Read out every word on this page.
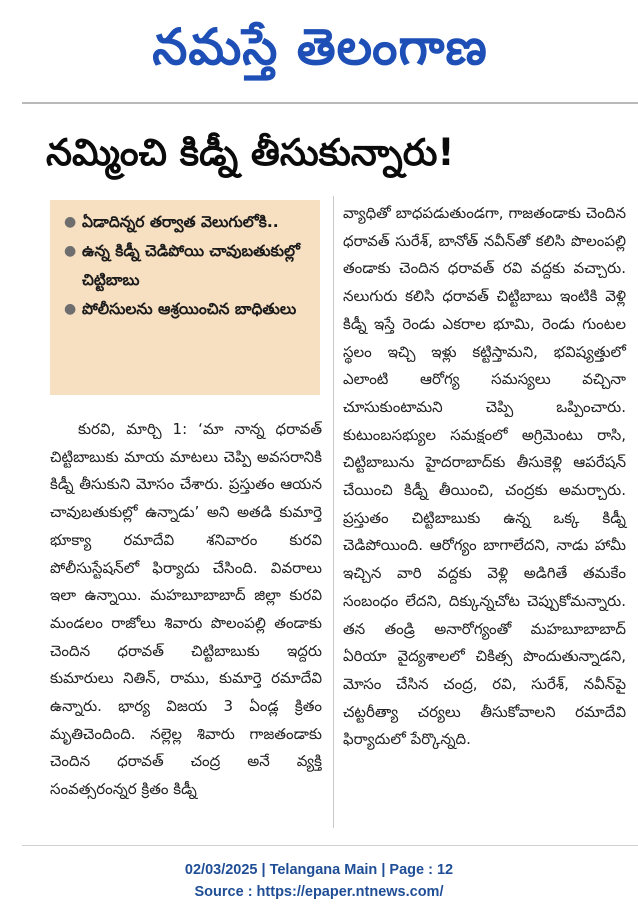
నమస్తే తెలంగాణ
నమ్మించి కిడ్నీ తీసుకున్నారు!
● ఏడాదిన్నర తర్వాత వెలుగులోకి..
● ఉన్న కిడ్నీ చెడిపోయి చావుబతుకుల్లో చిట్టిబాబు
● పోలీసులను ఆశ్రయించిన బాధితులు

కురవి, మార్చి 1: ‘మా నాన్న ధరావత్ చిట్టిబాబుకు మాయ మాటలు చెప్పి అవసరానికి కిడ్నీ తీసుకుని మోసం చేశారు. ప్రస్తుతం ఆయన చావుబతుకుల్లో ఉన్నాడు’ అని అతడి కుమార్తె భూక్యా రమాదేవి శనివారం కురవి పోలీసుస్టేషన్‌లో ఫిర్యాదు చేసింది. వివరాలు ఇలా ఉన్నాయి. మహబూబాబాద్ జిల్లా కురవి మండలం రాజోలు శివారు పొలంపల్లి తండాకు చెందిన ధరావత్ చిట్టిబాబుకు ఇద్దరు కుమారులు నితిన్, రాము, కుమార్తె రమాదేవి ఉన్నారు. భార్య విజయ 3 ఏండ్ల క్రితం మృతిచెందింది. నల్లెల్ల శివారు గాజతండాకు చెందిన ధరావత్ చంద్ర అనే వ్యక్తి సంవత్సరంన్నర క్రితం కిడ్నీ

వ్యాధితో బాధపడుతుండగా, గాజతండాకు చెందిన ధరావత్ సురేశ్, బానోత్ నవీన్‌తో కలిసి పొలంపల్లి తండాకు చెందిన ధరావత్ రవి వద్దకు వచ్చారు. నలుగురు కలిసి ధరావత్ చిట్టిబాబు ఇంటికి వెళ్లి కిడ్నీ ఇస్తే రెండు ఎకరాల భూమి, రెండు గుంటల స్థలం ఇచ్చి ఇళ్లు కట్టిస్తామని, భవిష్యత్తులో ఎలాంటి ఆరోగ్య సమస్యలు వచ్చినా చూసుకుంటామని చెప్పి ఒప్పించారు. కుటుంబసభ్యుల సమక్షంలో అగ్రిమెంటు రాసి, చిట్టిబాబును హైదరాబాద్‌కు తీసుకెళ్లి ఆపరేషన్ చేయించి కిడ్నీ తీయించి, చంద్రకు అమర్చారు. ప్రస్తుతం చిట్టిబాబుకు ఉన్న ఒక్క కిడ్నీ చెడిపోయింది. ఆరోగ్యం బాగాలేదని, నాడు హామీ ఇచ్చిన వారి వద్దకు వెళ్లి అడిగితే తమకేం సంబంధం లేదని, దిక్కున్నచోట చెప్పుకోమన్నారు. తన తండ్రి అనారోగ్యంతో మహబూబాబాద్ ఏరియా వైద్యశాలలో చికిత్స పొందుతున్నాడని, మోసం చేసిన చంద్ర, రవి, సురేశ్, నవీన్‌పై చట్టరీత్యా చర్యలు తీసుకోవాలని రమాదేవి ఫిర్యాదులో పేర్కొన్నది.

02/03/2025 | Telangana Main | Page : 12
Source : https://epaper.ntnews.com/
